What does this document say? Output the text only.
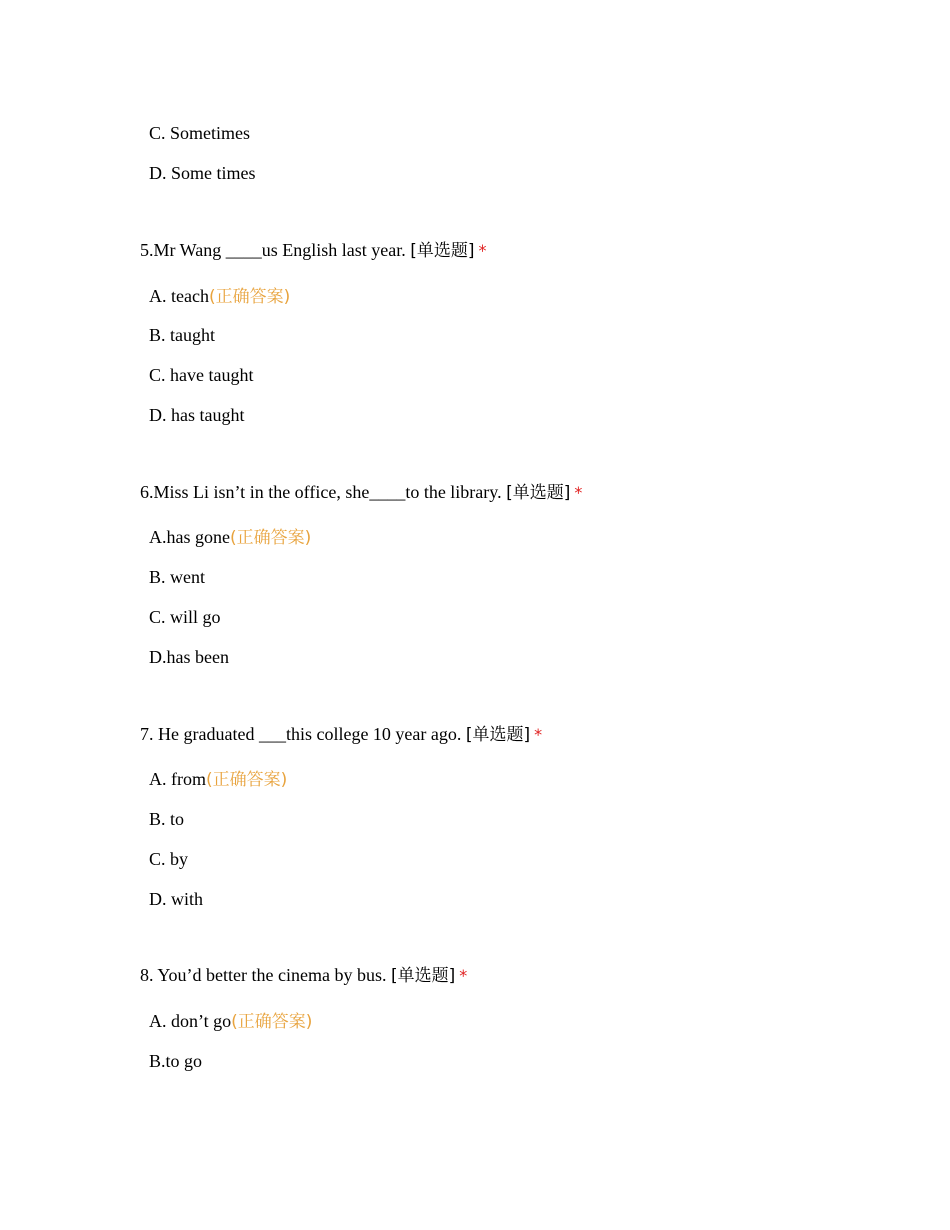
C. Sometimes
D. Some times
5.Mr Wang ____us English last year. [单选题] *
A. teach(正确答案)
B. taught
C. have taught
D. has taught
6.Miss Li isn’t in the office, she____to the library. [单选题] *
A.has gone(正确答案)
B. went
C. will go
D.has been
7. He graduated ___this college 10 year ago. [单选题] *
A. from(正确答案)
B. to
C. by
D. with
8. You’d better the cinema by bus. [单选题] *
A. don’t go(正确答案)
B.to go
